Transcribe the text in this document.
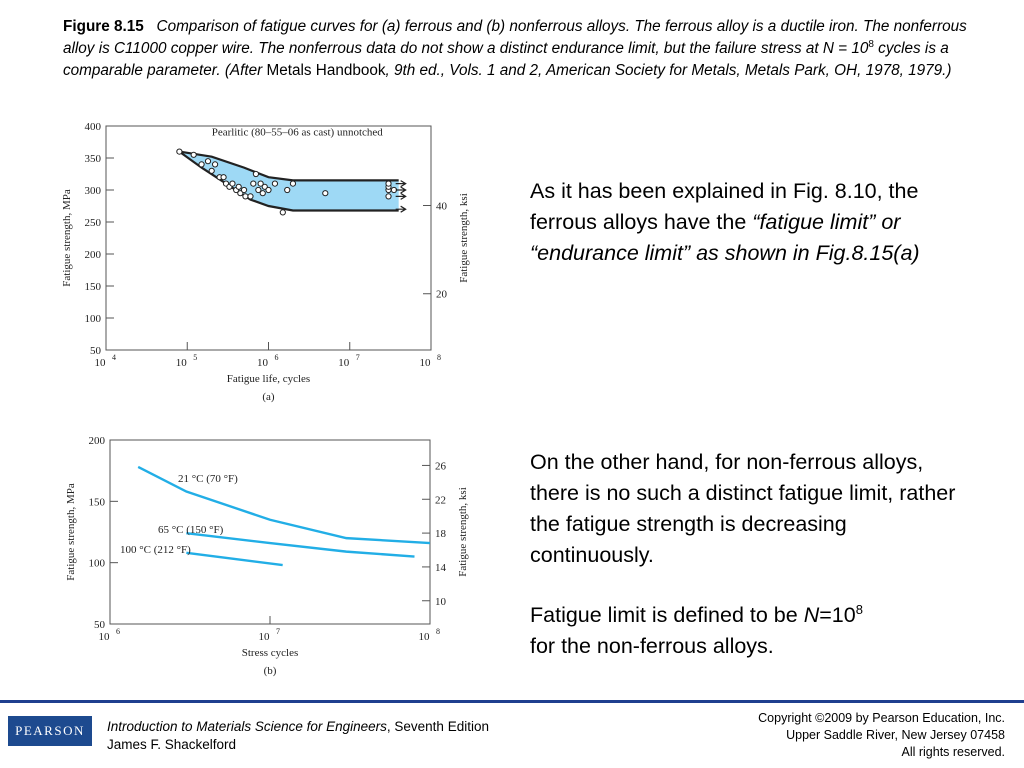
Figure 8.15 Comparison of fatigue curves for (a) ferrous and (b) nonferrous alloys. The ferrous alloy is a ductile iron. The nonferrous alloy is C11000 copper wire. The nonferrous data do not show a distinct endurance limit, but the failure stress at $N = 10^8$ cycles is a comparable parameter. (After Metals Handbook, 9th ed., Vols. 1 and 2, American Society for Metals, Metals Park, OH, 1978, 1979.)
50
100
150
200
250
300
350
400
10 4	10 5	10 6	10 7	10 8
20
40
Fatigue life, cycles
(a)
Fatigue strength, MPa	Fatigue strength, ksi
Pearlitic (80–55–06 as cast) unnotched
50
100
150
200
10 6	10 7	10 8
10
14
18
22
26
Stress cycles
(b)
Fatigue strength, MPa	Fatigue strength, ksi
21 °C (70 °F)
65 °C (150 °F)
100 °C (212 °F)
As it has been explained in Fig. 8.10, the ferrous alloys have the “fatigue limit” or “endurance limit” as shown in Fig.8.15(a)
On the other hand, for non-ferrous alloys, there is no such a distinct fatigue limit, rather the fatigue strength is decreasing continuously.
Fatigue limit is defined to be $N=10^8$
for the non-ferrous alloys.
PEARSON	Introduction to Materials Science for Engineers, Seventh Edition
James F. Shackelford
Copyright ©2009 by Pearson Education, Inc.
Upper Saddle River, New Jersey 07458
All rights reserved.
